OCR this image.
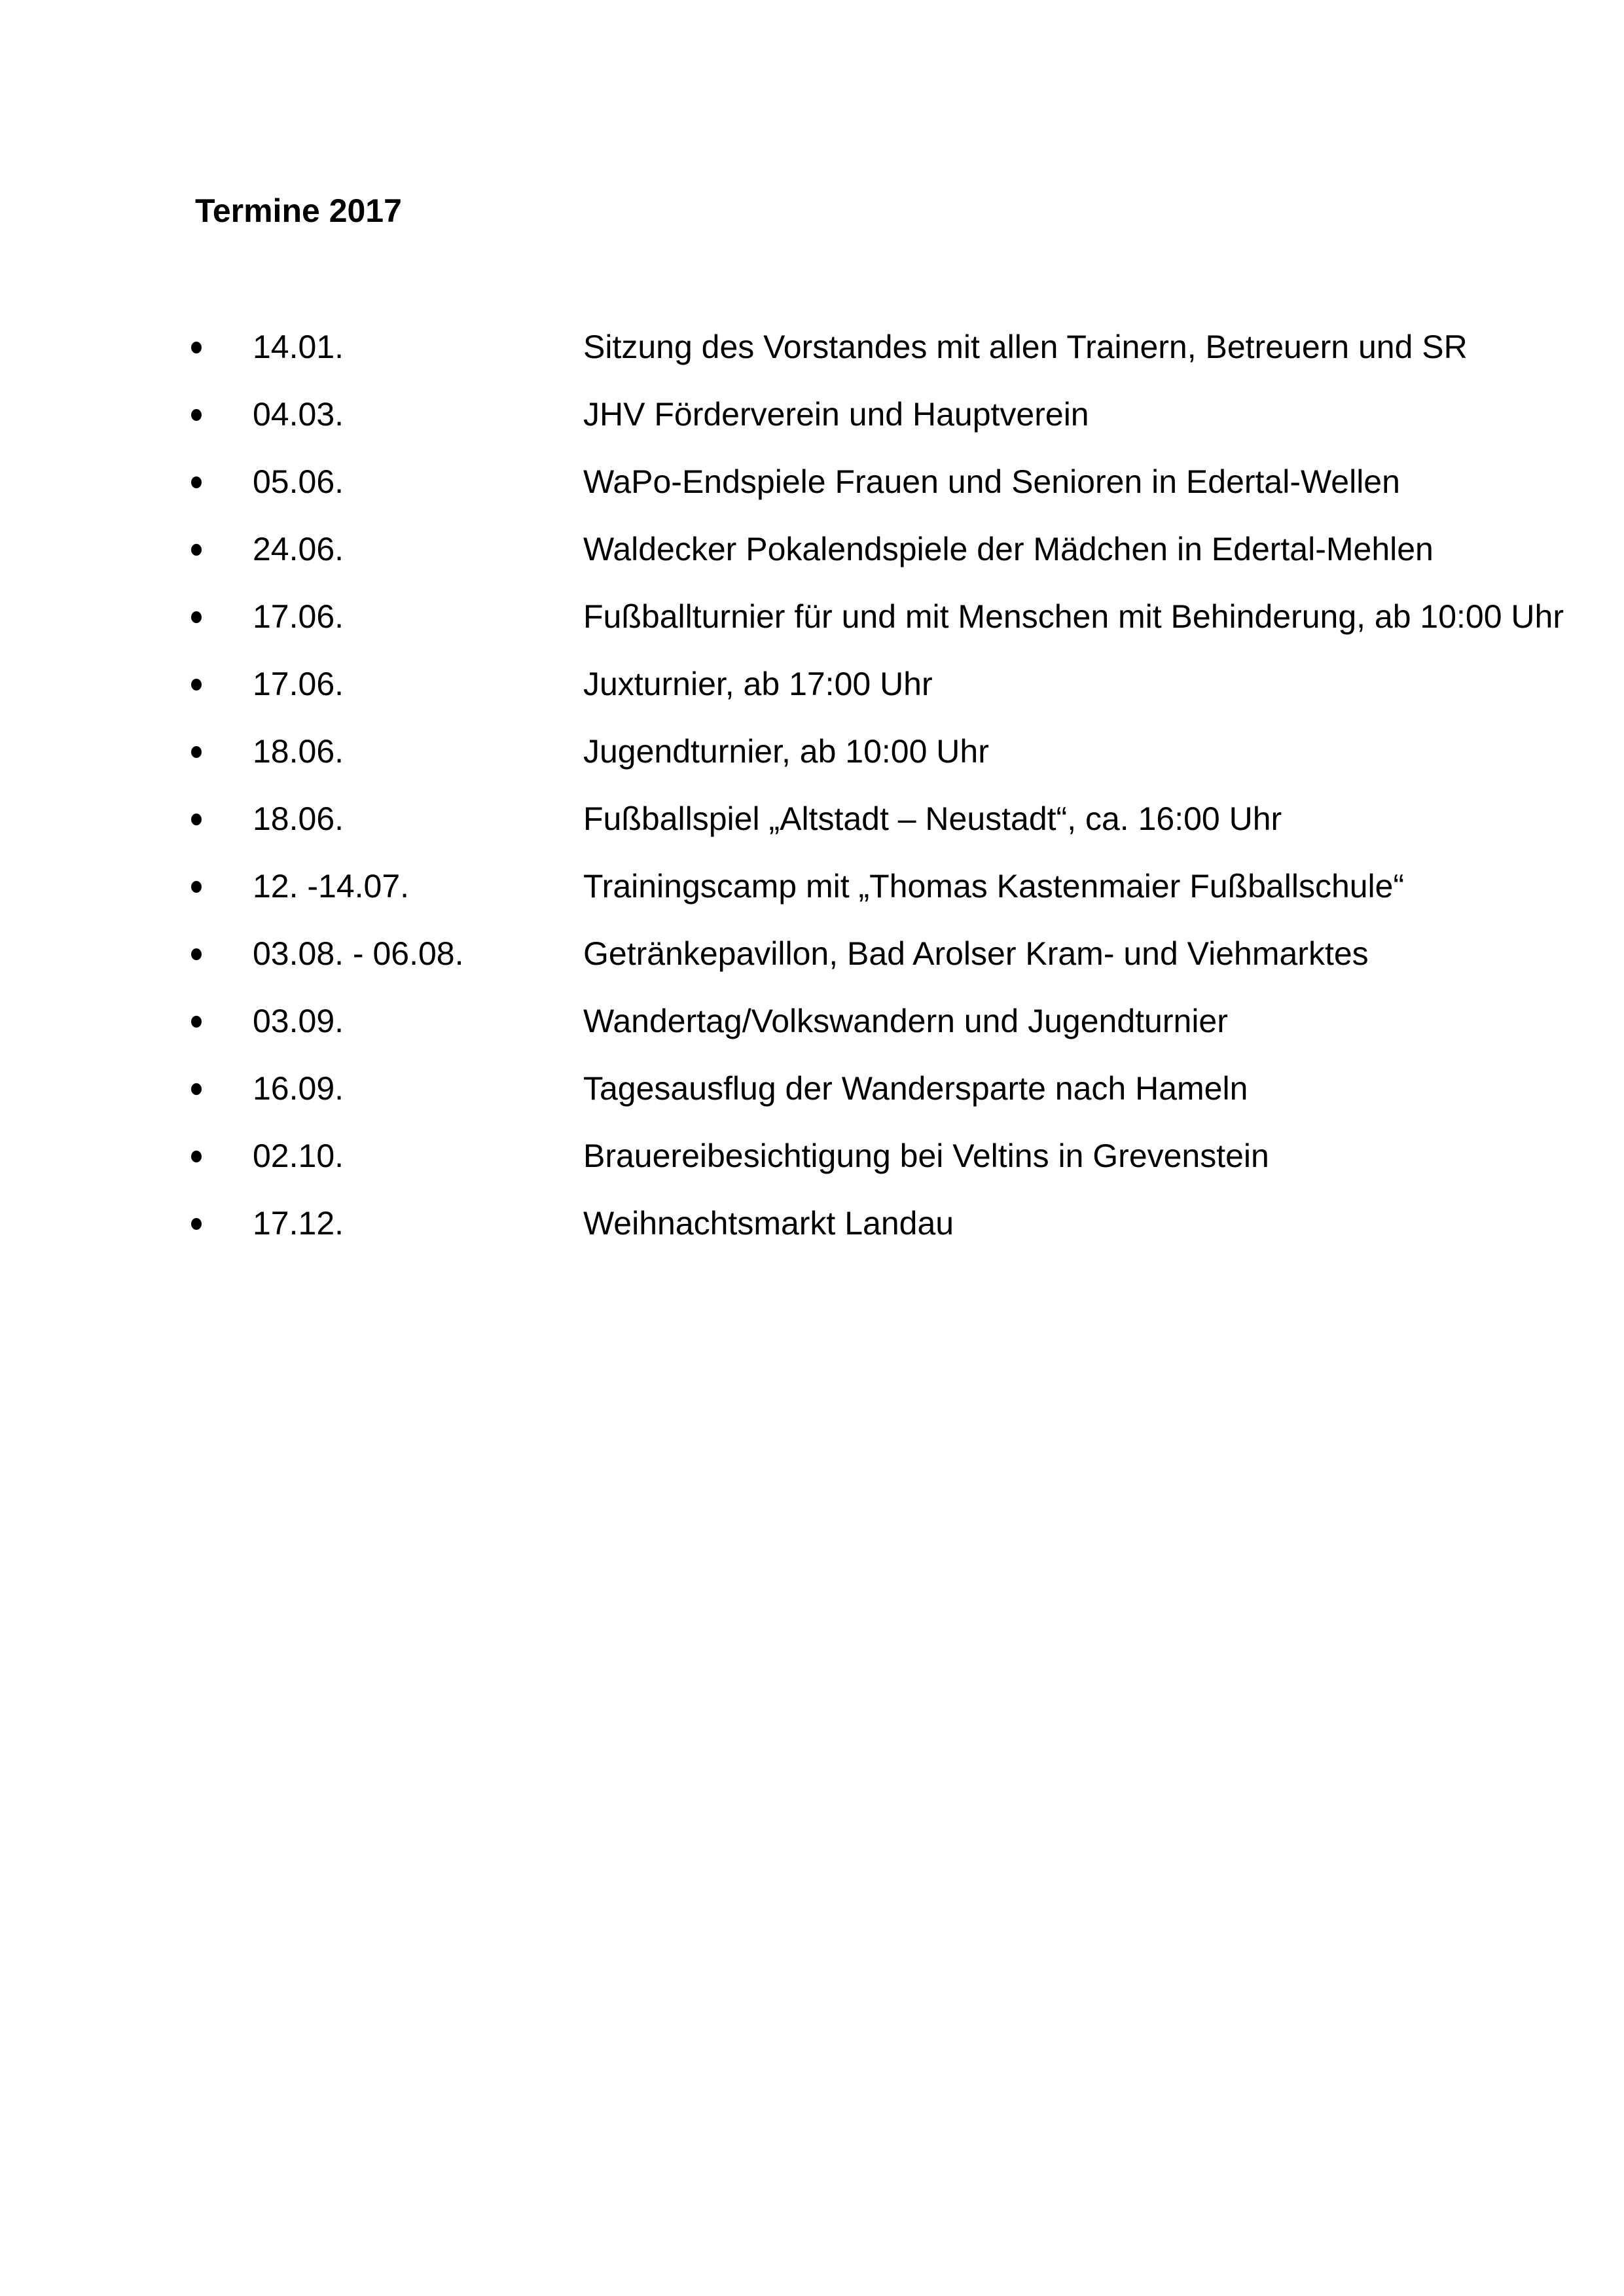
Termine 2017
14.01.	Sitzung des Vorstandes mit allen Trainern, Betreuern und SR
04.03.	JHV Förderverein und Hauptverein
05.06.	WaPo-Endspiele Frauen und Senioren in Edertal-Wellen
24.06.	Waldecker Pokalendspiele der Mädchen in Edertal-Mehlen
17.06.	Fußballturnier für und mit Menschen mit Behinderung, ab 10:00 Uhr
17.06.	Juxturnier, ab 17:00 Uhr
18.06.	Jugendturnier, ab 10:00 Uhr
18.06.	Fußballspiel „Altstadt – Neustadt“, ca. 16:00 Uhr
12. -14.07.	Trainingscamp mit „Thomas Kastenmaier Fußballschule“
03.08. - 06.08.	Getränkepavillon, Bad Arolser Kram- und Viehmarktes
03.09.	Wandertag/Volkswandern und Jugendturnier
16.09.	Tagesausflug der Wandersparte nach Hameln
02.10.	Brauereibesichtigung bei Veltins in Grevenstein
17.12.	Weihnachtsmarkt Landau
